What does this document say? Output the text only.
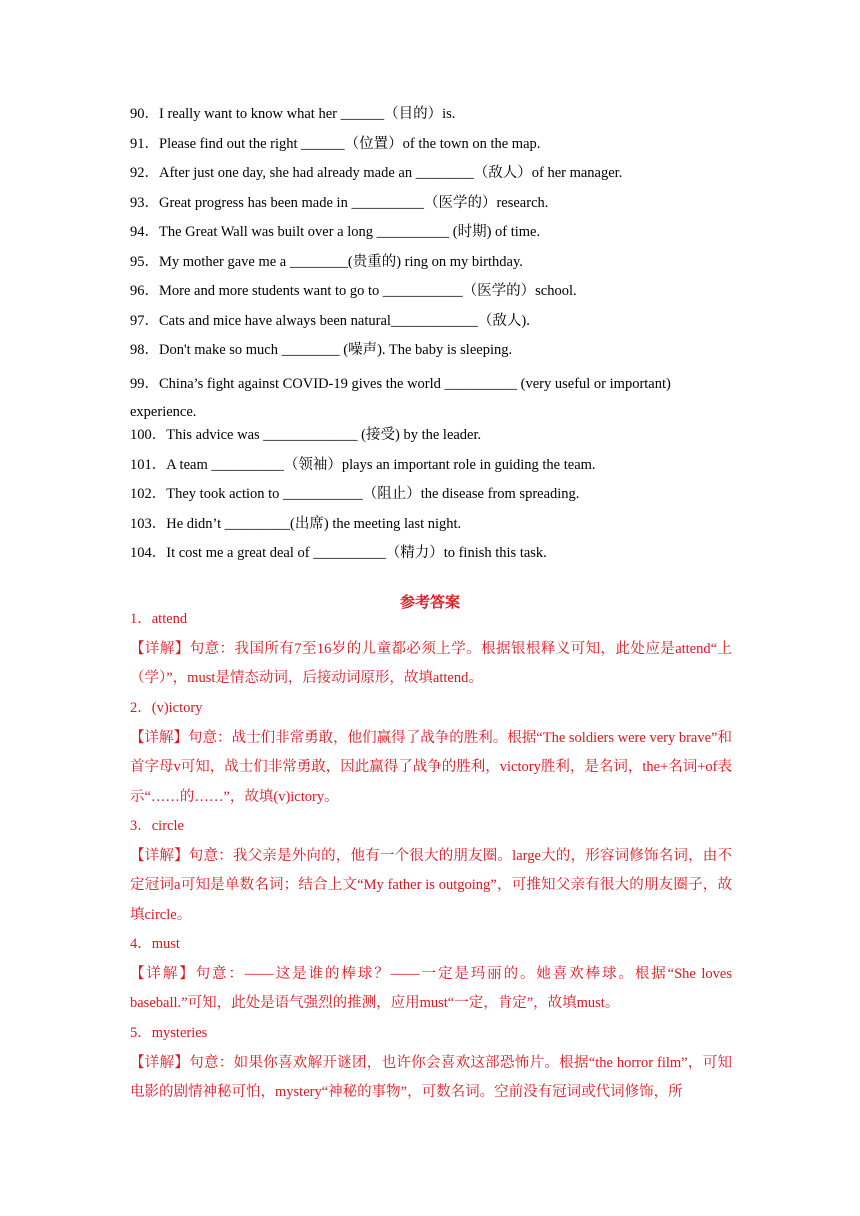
90．I really want to know what her ______（目的）is.
91．Please find out the right ______（位置）of the town on the map.
92．After just one day, she had already made an ________（敌人）of her manager.
93．Great progress has been made in __________（医学的）research.
94．The Great Wall was built over a long __________ (时期) of time.
95．My mother gave me a ________(贵重的) ring on my birthday.
96．More and more students want to go to ___________（医学的）school.
97．Cats and mice have always been natural____________（敌人).
98．Don't make so much ________ (噪声). The baby is sleeping.
99．China’s fight against COVID-19 gives the world __________ (very useful or important) experience.
100．This advice was _____________ (接受) by the leader.
101．A team __________（领袖）plays an important role in guiding the team.
102．They took action to ___________（阻止）the disease from spreading.
103．He didn’t _________(出席) the meeting last night.
104．It cost me a great deal of __________（精力）to finish this task.
参考答案
1．attend
【详解】句意：我国所有7至16岁的儿童都必须上学。根据银根释义可知，此处应是attend“上（学）”，must是情态动词，后接动词原形，故填attend。
2．(v)ictory
【详解】句意：战士们非常勇敢，他们赢得了战争的胜利。根据“The soldiers were very brave”和首字母v可知，战士们非常勇敢，因此赢得了战争的胜利，victory胜利，是名词，the+名词+of表示“……的……”，故填(v)ictory。
3．circle
【详解】句意：我父亲是外向的，他有一个很大的朋友圈。large大的，形容词修饰名词，由不定冠词a可知是单数名词；结合上文“My father is outgoing”，可推知父亲有很大的朋友圈子，故填circle。
4．must
【详解】句意：——这是谁的棒球？——一定是玛丽的。她喜欢棒球。根据“She loves baseball.”可知，此处是语气强烈的推测，应用must“一定，肯定”，故填must。
5．mysteries
【详解】句意：如果你喜欢解开谜团，也许你会喜欢这部恐怖片。根据“the horror film”，可知电影的剧情神秘可怕，mystery“神秘的事物”，可数名词。空前没有冠词或代词修饰，所
